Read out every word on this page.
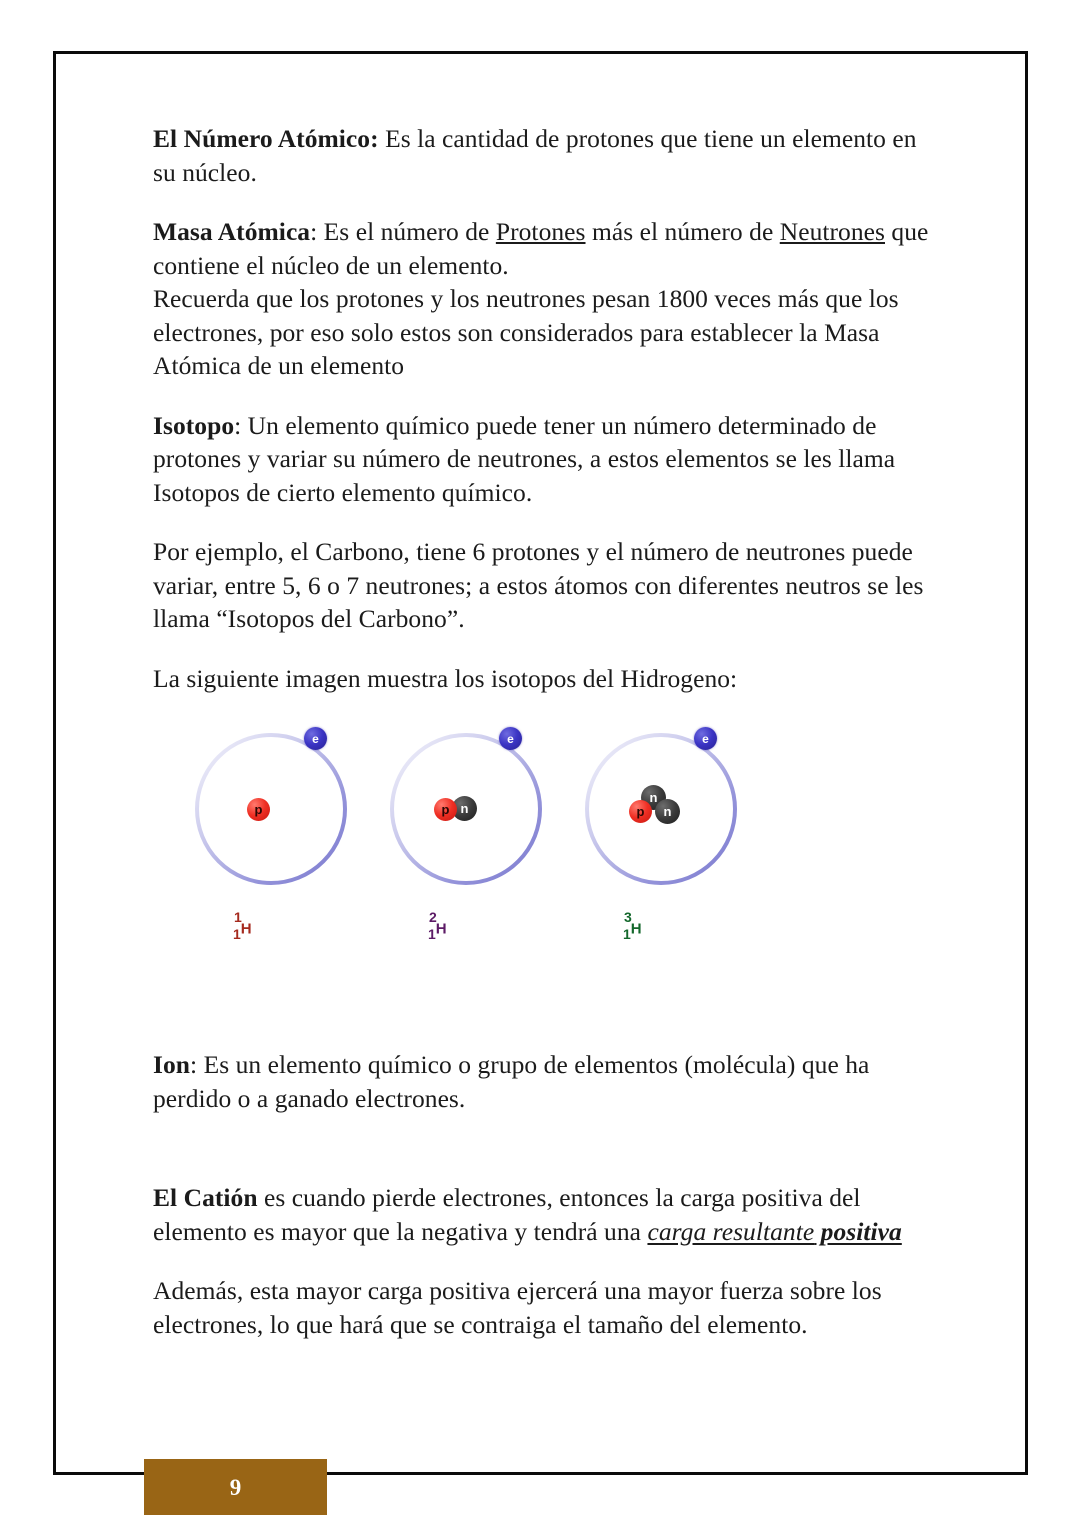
El Número Atómico: Es la cantidad de protones que tiene un elemento en su núcleo.

Masa Atómica: Es el número de Protones más el número de Neutrones que contiene el núcleo de un elemento.

Recuerda que los protones y los neutrones pesan 1800 veces más que los electrones, por eso solo estos son considerados para establecer la Masa Atómica de un elemento

Isotopo: Un elemento químico puede tener un número determinado de protones y variar su número de neutrones, a estos elementos se les llama Isotopos de cierto elemento químico.

Por ejemplo, el Carbono, tiene 6 protones y el número de neutrones puede variar, entre 5, 6 o 7 neutrones; a estos átomos con diferentes neutros se les llama “Isotopos del Carbono”.

La siguiente imagen muestra los isotopos del Hidrogeno:

e
p
1
1H
e
p n
2
1H
e
n
n
p
3
1H

Ion: Es un elemento químico o grupo de elementos (molécula) que ha perdido o a ganado electrones.

El Catión es cuando pierde electrones, entonces la carga positiva del elemento es mayor que la negativa y tendrá una carga resultante positiva

Además, esta mayor carga positiva ejercerá una mayor fuerza sobre los electrones, lo que hará que se contraiga el tamaño del elemento.

9
